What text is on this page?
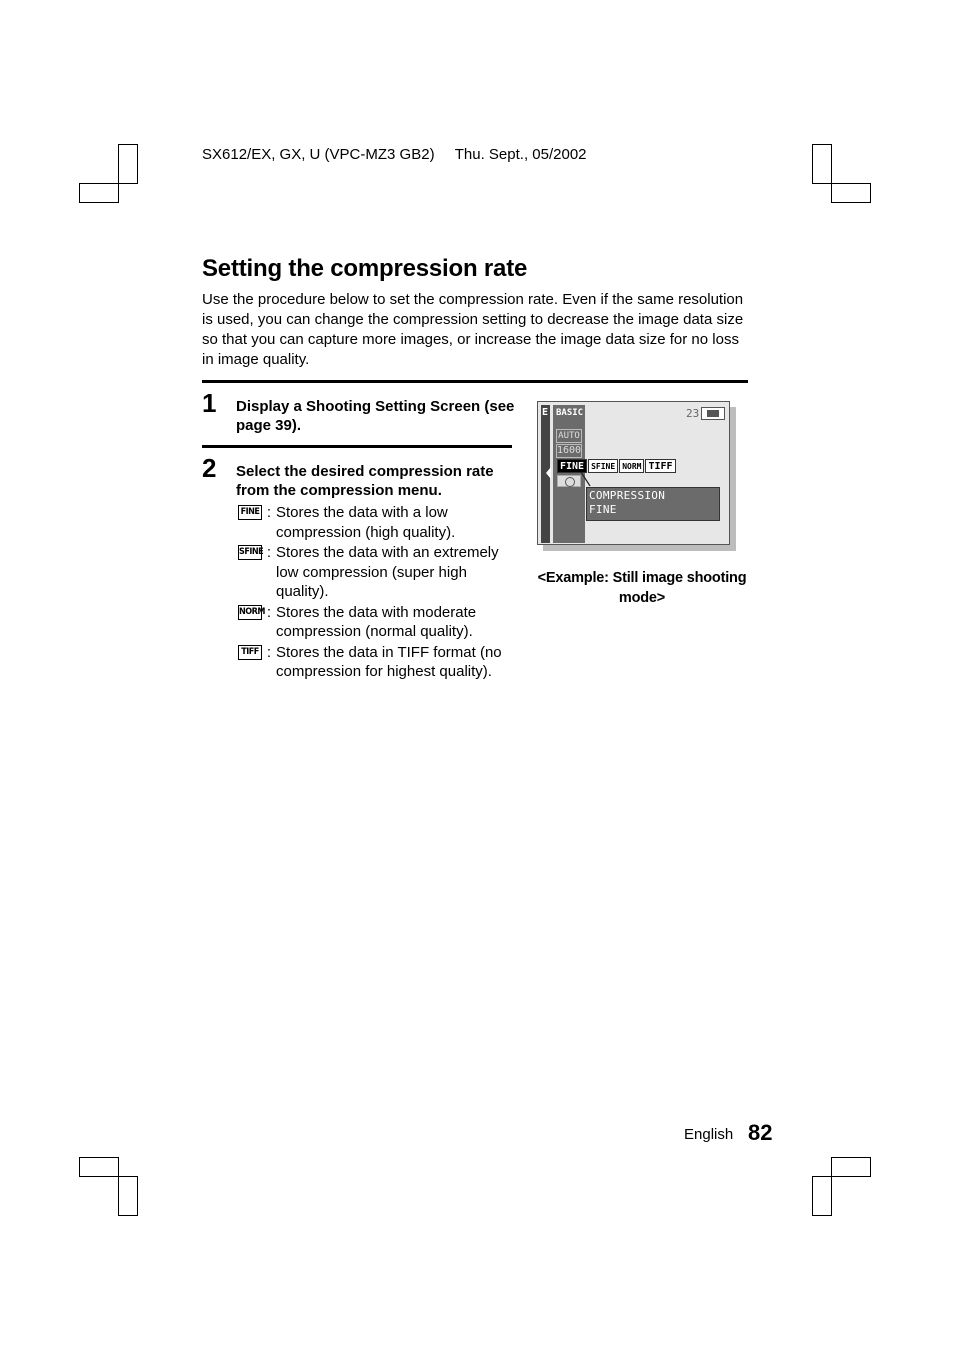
SX612/EX, GX, U (VPC-MZ3 GB2) Thu. Sept., 05/2002
Setting the compression rate
Use the procedure below to set the compression rate. Even if the same resolution is used, you can change the compression setting to decrease the image data size so that you can capture more images, or increase the image data size for no loss in image quality.
1 Display a Shooting Setting Screen (see page 39).
2 Select the desired compression rate from the compression menu.
FINE : Stores the data with a low compression (high quality).
SFINE : Stores the data with an extremely low compression (super high quality).
NORM : Stores the data with moderate compression (normal quality).
TIFF : Stores the data in TIFF format (no compression for highest quality).
E BASIC	23
AUTO
1600
FINE SFINE NORM TIFF
COMPRESSION
FINE
<Example: Still image shooting mode>
English 82
